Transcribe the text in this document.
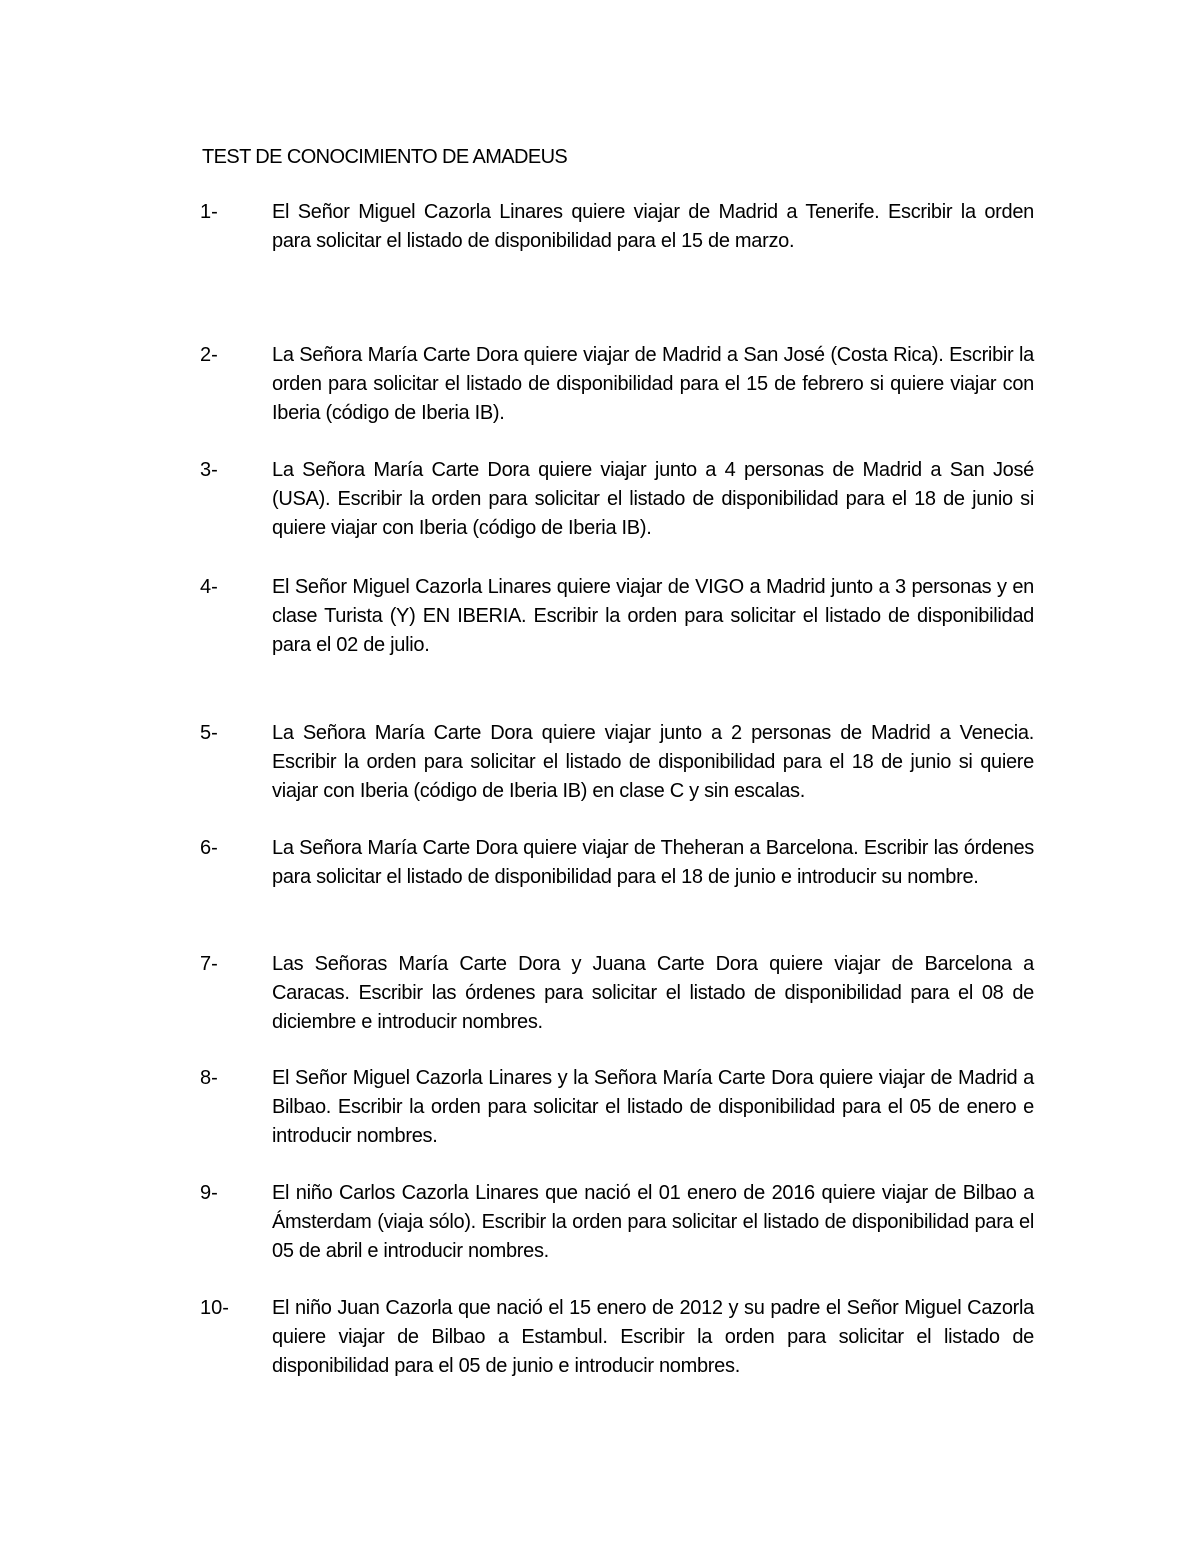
TEST DE CONOCIMIENTO DE AMADEUS
1-	El Señor Miguel Cazorla Linares quiere viajar de Madrid a Tenerife. Escribir la orden para solicitar el listado de disponibilidad para el 15 de marzo.
2-	La Señora María Carte Dora quiere viajar de Madrid a San José (Costa Rica). Escribir la orden para solicitar el listado de disponibilidad para el 15 de febrero si quiere viajar con Iberia (código de Iberia IB).
3-	La Señora María Carte Dora quiere viajar junto a 4 personas de Madrid a San José (USA). Escribir la orden para solicitar el listado de disponibilidad para el 18 de junio si quiere viajar con Iberia (código de Iberia IB).
4-	El Señor Miguel Cazorla Linares quiere viajar de VIGO a Madrid junto a 3 personas y en clase Turista (Y) EN IBERIA. Escribir la orden para solicitar el listado de disponibilidad para el 02 de julio.
5-	La Señora María Carte Dora quiere viajar junto a 2 personas de Madrid a Venecia. Escribir la orden para solicitar el listado de disponibilidad para el 18 de junio si quiere viajar con Iberia (código de Iberia IB) en clase C y sin escalas.
6-	La Señora María Carte Dora quiere viajar de Theheran a Barcelona. Escribir las órdenes para solicitar el listado de disponibilidad para el 18 de junio e introducir su nombre.
7-	Las Señoras María Carte Dora y Juana Carte Dora quiere viajar de Barcelona a Caracas. Escribir las órdenes para solicitar el listado de disponibilidad para el 08 de diciembre e introducir nombres.
8-	El Señor Miguel Cazorla Linares y la Señora María Carte Dora quiere viajar de Madrid a Bilbao. Escribir la orden para solicitar el listado de disponibilidad para el 05 de enero e introducir nombres.
9-	El niño Carlos Cazorla Linares que nació el 01 enero de 2016 quiere viajar de Bilbao a Ámsterdam (viaja sólo). Escribir la orden para solicitar el listado de disponibilidad para el 05 de abril e introducir nombres.
10- El niño Juan Cazorla que nació el 15 enero de 2012 y su padre el Señor Miguel Cazorla quiere viajar de Bilbao a Estambul. Escribir la orden para solicitar el listado de disponibilidad para el 05 de junio e introducir nombres.
